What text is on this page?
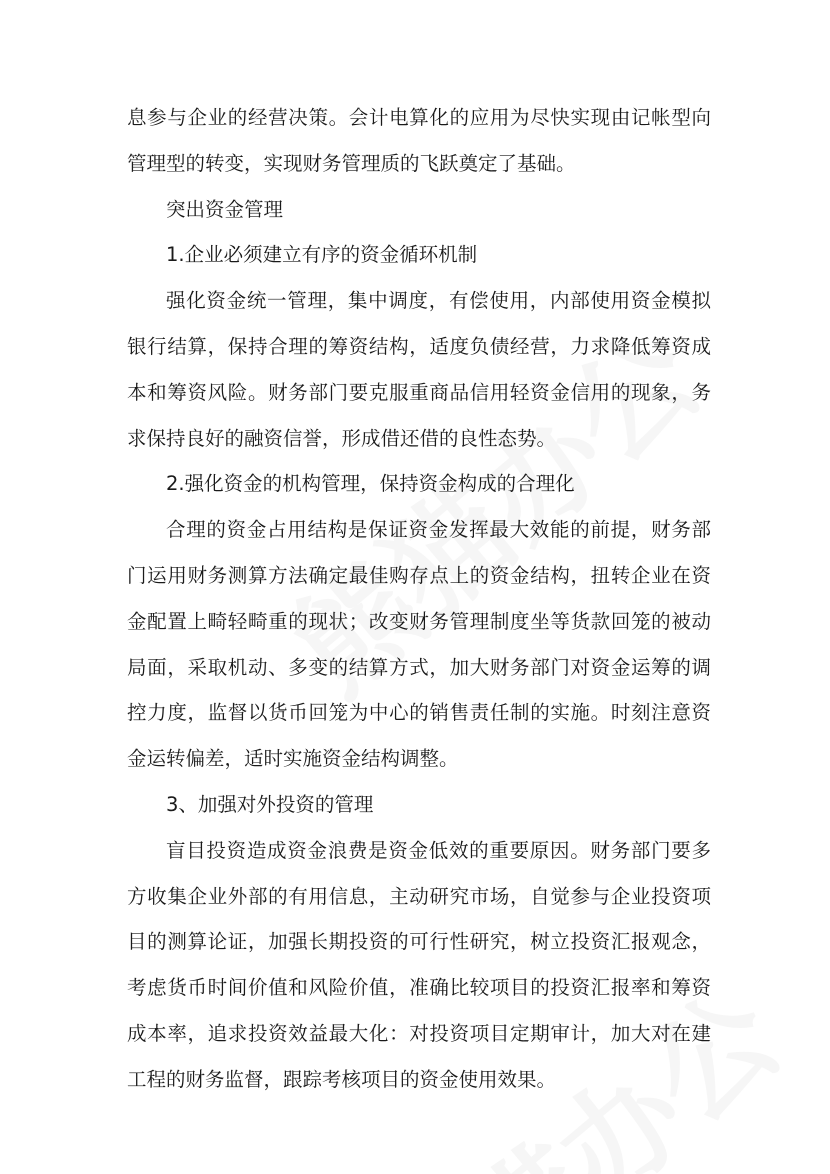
息参与企业的经营决策。会计电算化的应用为尽快实现由记帐型向管理型的转变，实现财务管理质的飞跃奠定了基础。

突出资金管理

1.企业必须建立有序的资金循环机制

强化资金统一管理，集中调度，有偿使用，内部使用资金模拟银行结算，保持合理的筹资结构，适度负债经营，力求降低筹资成本和筹资风险。财务部门要克服重商品信用轻资金信用的现象，务求保持良好的融资信誉，形成借还借的良性态势。

2.强化资金的机构管理，保持资金构成的合理化

合理的资金占用结构是保证资金发挥最大效能的前提，财务部门运用财务测算方法确定最佳购存点上的资金结构，扭转企业在资金配置上畸轻畸重的现状；改变财务管理制度坐等货款回笼的被动局面，采取机动、多变的结算方式，加大财务部门对资金运筹的调控力度，监督以货币回笼为中心的销售责任制的实施。时刻注意资金运转偏差，适时实施资金结构调整。

3、加强对外投资的管理

盲目投资造成资金浪费是资金低效的重要原因。财务部门要多方收集企业外部的有用信息，主动研究市场，自觉参与企业投资项目的测算论证，加强长期投资的可行性研究，树立投资汇报观念，考虑货币时间价值和风险价值，准确比较项目的投资汇报率和筹资成本率，追求投资效益最大化：对投资项目定期审计，加大对在建工程的财务监督，跟踪考核项目的资金使用效果。
